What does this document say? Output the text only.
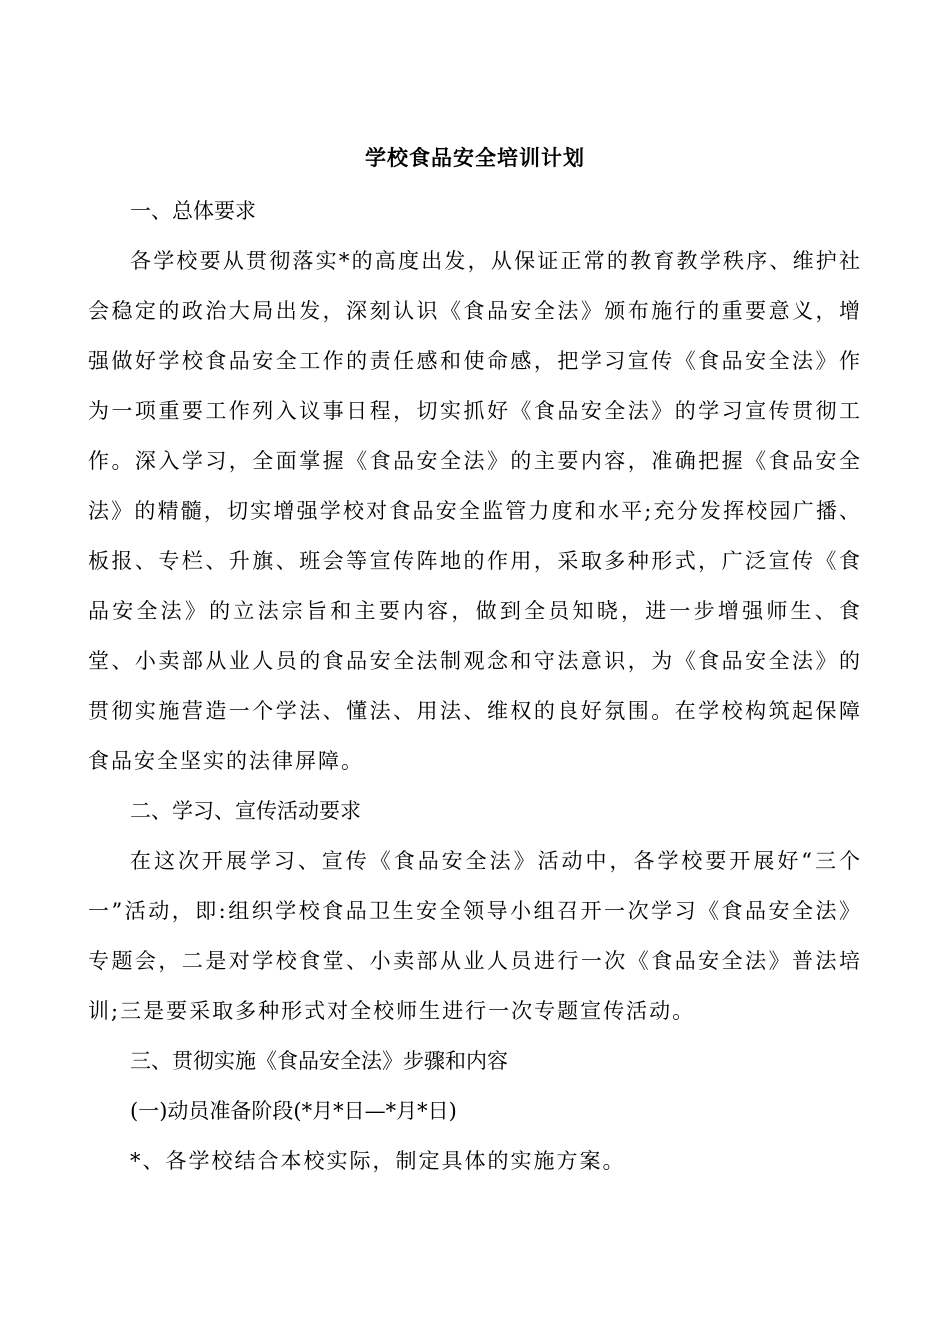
学校食品安全培训计划

一、总体要求

各学校要从贯彻落实*的高度出发，从保证正常的教育教学秩序、维护社会稳定的政治大局出发，深刻认识《食品安全法》颁布施行的重要意义，增强做好学校食品安全工作的责任感和使命感，把学习宣传《食品安全法》作为一项重要工作列入议事日程，切实抓好《食品安全法》的学习宣传贯彻工作。深入学习，全面掌握《食品安全法》的主要内容，准确把握《食品安全法》的精髓，切实增强学校对食品安全监管力度和水平;充分发挥校园广播、板报、专栏、升旗、班会等宣传阵地的作用，采取多种形式，广泛宣传《食品安全法》的立法宗旨和主要内容，做到全员知晓，进一步增强师生、食堂、小卖部从业人员的食品安全法制观念和守法意识，为《食品安全法》的贯彻实施营造一个学法、懂法、用法、维权的良好氛围。在学校构筑起保障食品安全坚实的法律屏障。

二、学习、宣传活动要求

在这次开展学习、宣传《食品安全法》活动中，各学校要开展好“三个一”活动，即:组织学校食品卫生安全领导小组召开一次学习《食品安全法》专题会，二是对学校食堂、小卖部从业人员进行一次《食品安全法》普法培训;三是要采取多种形式对全校师生进行一次专题宣传活动。

三、贯彻实施《食品安全法》步骤和内容

(一)动员准备阶段(*月*日—*月*日)

*、各学校结合本校实际，制定具体的实施方案。
